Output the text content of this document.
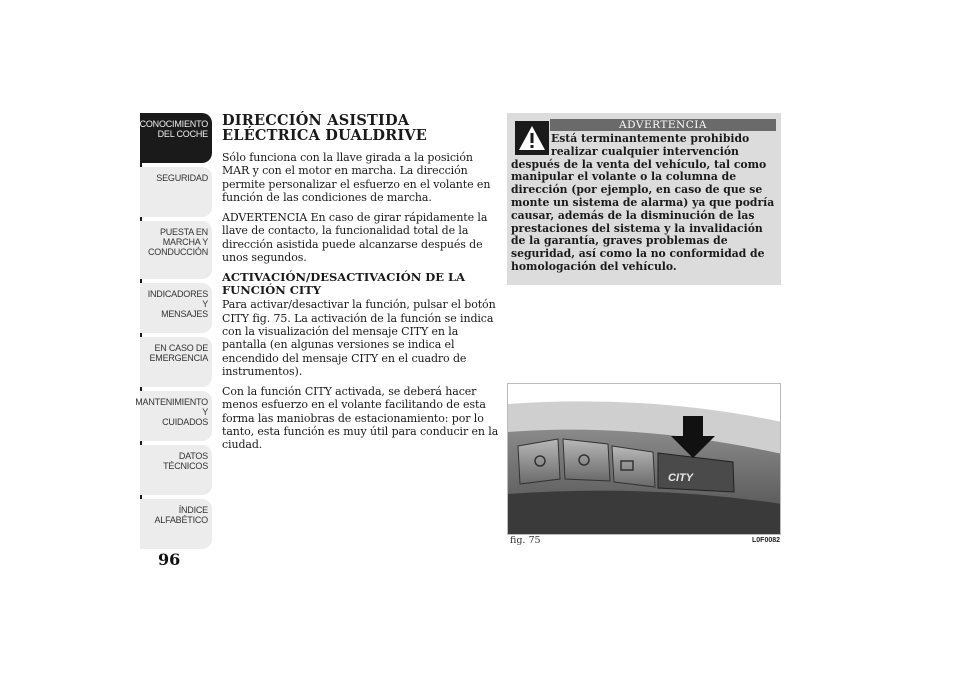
CONOCIMIENTO
DEL COCHE
SEGURIDAD
PUESTA EN
MARCHA Y
CONDUCCIÓN
INDICADORES Y
MENSAJES
EN CASO DE
EMERGENCIA
MANTENIMIENTO Y
CUIDADOS
DATOS TÉCNICOS
ÍNDICE
ALFABÉTICO
96
DIRECCIÓN ASISTIDA ELÉCTRICA DUALDRIVE

Sólo funciona con la llave girada a la posición MAR y con el motor en marcha. La dirección permite personalizar el esfuerzo en el volante en función de las condiciones de marcha.

ADVERTENCIA En caso de girar rápidamente la llave de contacto, la funcionalidad total de la dirección asistida puede alcanzarse después de unos segundos.

ACTIVACIÓN/DESACTIVACIÓN DE LA FUNCIÓN CITY

Para activar/desactivar la función, pulsar el botón CITY fig. 75. La activación de la función se indica con la visualización del mensaje CITY en la pantalla (en algunas versiones se indica el encendido del mensaje CITY en el cuadro de instrumentos).

Con la función CITY activada, se deberá hacer menos esfuerzo en el volante facilitando de esta forma las maniobras de estacionamiento: por lo tanto, esta función es muy útil para conducir en la ciudad.

ADVERTENCIA
Está terminantemente prohibido realizar cualquier intervención
después de la venta del vehículo, tal como manipular el volante o la columna de dirección (por ejemplo, en caso de que se monte un sistema de alarma) ya que podría causar, además de la disminución de las prestaciones del sistema y la invalidación de la garantía, graves problemas de seguridad, así como la no conformidad de homologación del vehículo.
CITY
fig. 75	L0F0082
